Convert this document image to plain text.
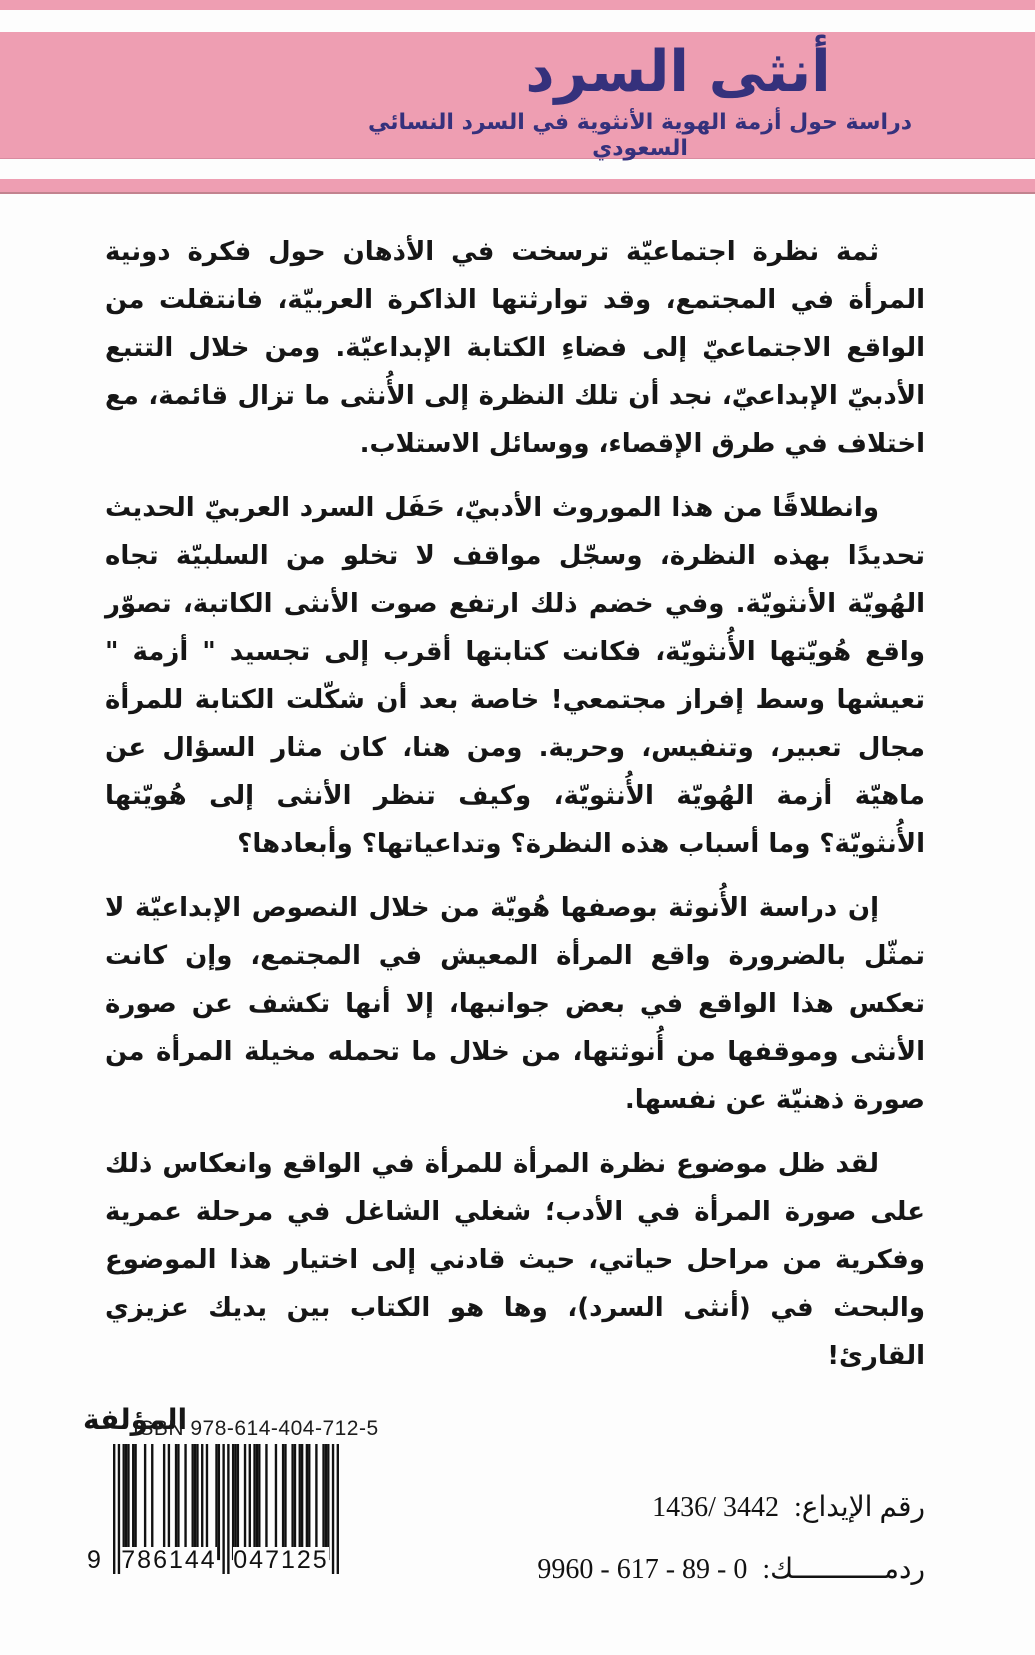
أنثى السرد
دراسة حول أزمة الهوية الأنثوية في السرد النسائي السعودي

ثمة نظرة اجتماعيّة ترسخت في الأذهان حول فكرة دونية المرأة في المجتمع، وقد توارثتها الذاكرة العربيّة، فانتقلت من الواقع الاجتماعيّ إلى فضاءِ الكتابة الإبداعيّة. ومن خلال التتبع الأدبيّ الإبداعيّ، نجد أن تلك النظرة إلى الأُنثى ما تزال قائمة، مع اختلاف في طرق الإقصاء، ووسائل الاستلاب.

وانطلاقًا من هذا الموروث الأدبيّ، حَفَل السرد العربيّ الحديث تحديدًا بهذه النظرة، وسجّل مواقف لا تخلو من السلبيّة تجاه الهُويّة الأنثويّة. وفي خضم ذلك ارتفع صوت الأنثى الكاتبة، تصوّر واقع هُويّتها الأُنثويّة، فكانت كتابتها أقرب إلى تجسيد " أزمة " تعيشها وسط إفراز مجتمعي! خاصة بعد أن شكّلت الكتابة للمرأة مجال تعبير، وتنفيس، وحرية. ومن هنا، كان مثار السؤال عن ماهيّة أزمة الهُويّة الأُنثويّة، وكيف تنظر الأنثى إلى هُويّتها الأُنثويّة؟ وما أسباب هذه النظرة؟ وتداعياتها؟ وأبعادها؟

إن دراسة الأُنوثة بوصفها هُويّة من خلال النصوص الإبداعيّة لا تمثّل بالضرورة واقع المرأة المعيش في المجتمع، وإن كانت تعكس هذا الواقع في بعض جوانبها، إلا أنها تكشف عن صورة الأنثى وموقفها من أُنوثتها، من خلال ما تحمله مخيلة المرأة من صورة ذهنيّة عن نفسها.

لقد ظل موضوع نظرة المرأة للمرأة في الواقع وانعكاس ذلك على صورة المرأة في الأدب؛ شغلي الشاغل في مرحلة عمرية وفكرية من مراحل حياتي، حيث قادني إلى اختيار هذا الموضوع والبحث في (أنثى السرد)، وها هو الكتاب بين يديك عزيزي القارئ!

المؤلفة
ISBN 978-614-404-712-5
9 786144 047125
رقم الإيداع: 1436/ 3442
ردمـــــــــــك: 9960 - 617 - 89 - 0
